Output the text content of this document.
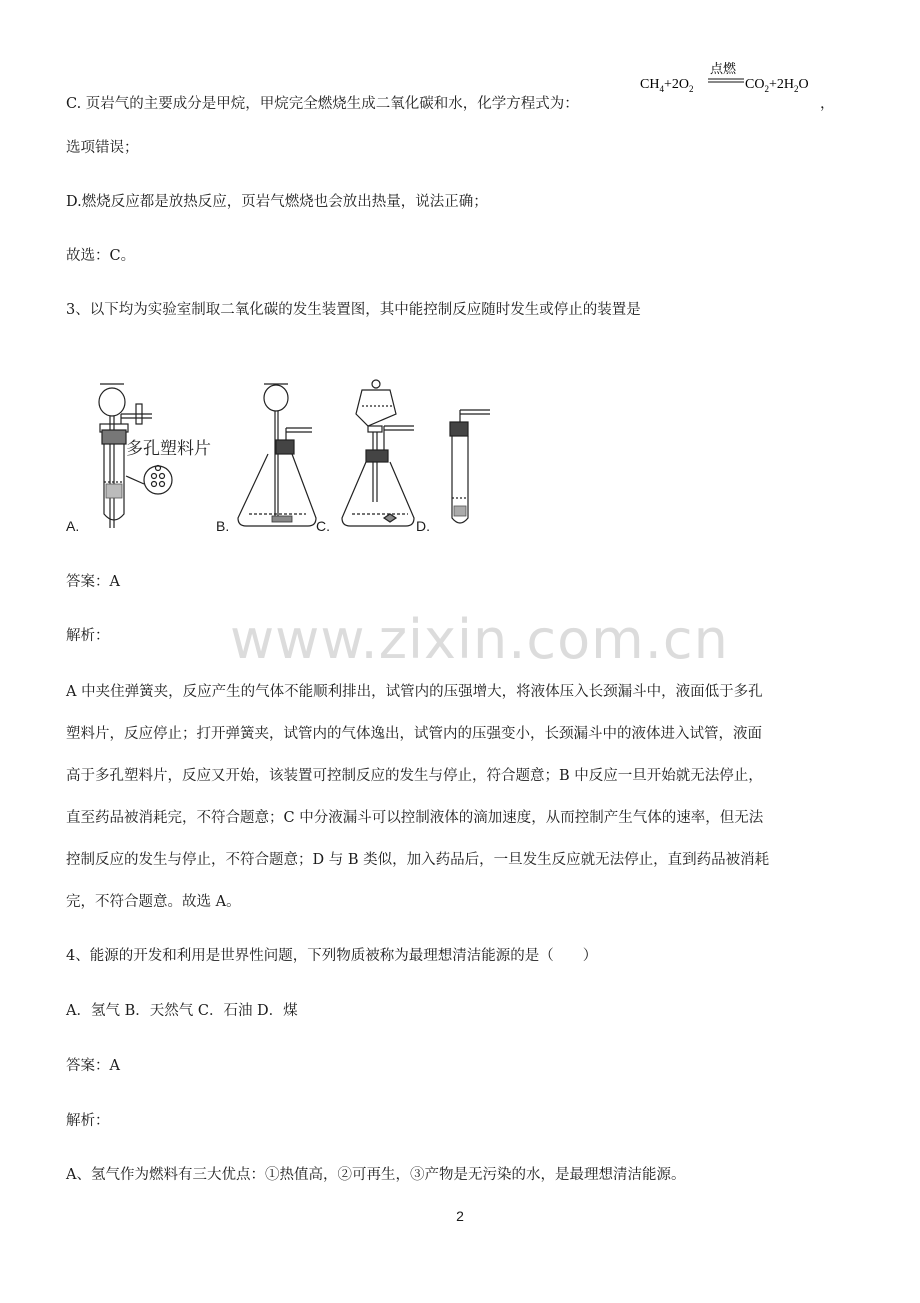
$CH_4+2O_2$
点燃
$CO_2+2H_2O$
C. 页岩气的主要成分是甲烷，甲烷完全燃烧生成二氧化碳和水，化学方程式为：	，
选项错误；
D.燃烧反应都是放热反应，页岩气燃烧也会放出热量，说法正确；
故选：C。
3、以下均为实验室制取二氧化碳的发生装置图，其中能控制反应随时发生或停止的装置是
多孔塑料片
A.	B.	C.	D.
答案：A
解析： www.zixin.com.cn
A 中夹住弹簧夹，反应产生的气体不能顺利排出，试管内的压强增大，将液体压入长颈漏斗中，液面低于多孔
塑料片，反应停止；打开弹簧夹，试管内的气体逸出，试管内的压强变小，长颈漏斗中的液体进入试管，液面
高于多孔塑料片，反应又开始，该装置可控制反应的发生与停止，符合题意；B 中反应一旦开始就无法停止，
直至药品被消耗完，不符合题意；C 中分液漏斗可以控制液体的滴加速度，从而控制产生气体的速率，但无法
控制反应的发生与停止，不符合题意；D 与 B 类似，加入药品后，一旦发生反应就无法停止，直到药品被消耗
完，不符合题意。故选 A。
4、能源的开发和利用是世界性问题，下列物质被称为最理想清洁能源的是（　　）
A．氢气 B．天然气 C．石油 D．煤
答案：A
解析：
A、氢气作为燃料有三大优点：①热值高，②可再生，③产物是无污染的水，是最理想清洁能源。
2
